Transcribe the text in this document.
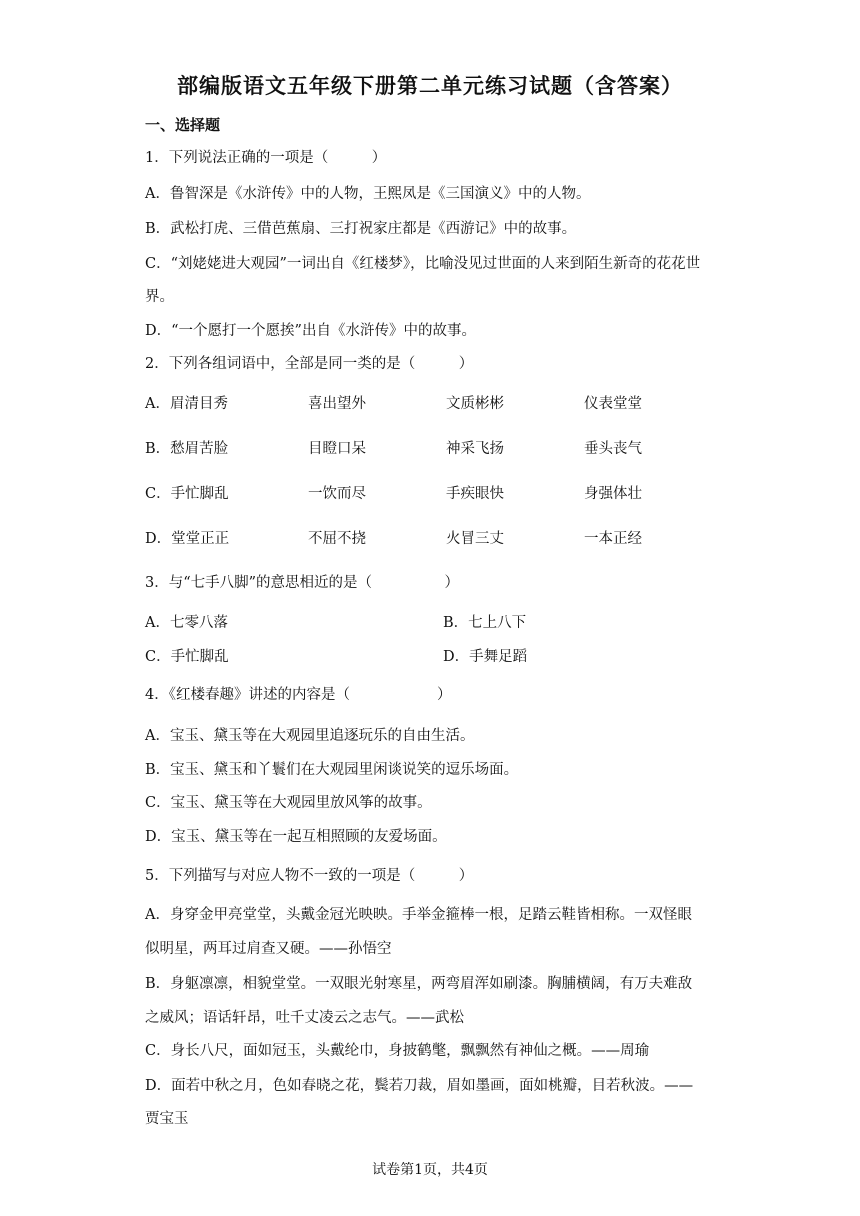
部编版语文五年级下册第二单元练习试题（含答案）
一、选择题
1．下列说法正确的一项是（　　　）
A．鲁智深是《水浒传》中的人物，王熙凤是《三国演义》中的人物。
B．武松打虎、三借芭蕉扇、三打祝家庄都是《西游记》中的故事。
C．“刘姥姥进大观园”一词出自《红楼梦》，比喻没见过世面的人来到陌生新奇的花花世
界。
D．“一个愿打一个愿挨”出自《水浒传》中的故事。
2．下列各组词语中，全部是同一类的是（　　　）
A．眉清目秀	喜出望外	文质彬彬	仪表堂堂
B．愁眉苦脸	目瞪口呆	神采飞扬	垂头丧气
C．手忙脚乱	一饮而尽	手疾眼快	身强体壮
D．堂堂正正	不屈不挠	火冒三丈	一本正经
3．与“七手八脚”的意思相近的是（　　　　　）
A．七零八落	B．七上八下
C．手忙脚乱	D．手舞足蹈
4．《红楼春趣》讲述的内容是（　　　　　　）
A．宝玉、黛玉等在大观园里追逐玩乐的自由生活。
B．宝玉、黛玉和丫鬟们在大观园里闲谈说笑的逗乐场面。
C．宝玉、黛玉等在大观园里放风筝的故事。
D．宝玉、黛玉等在一起互相照顾的友爱场面。
5．下列描写与对应人物不一致的一项是（　　　）
A．身穿金甲亮堂堂，头戴金冠光映映。手举金箍棒一根，足踏云鞋皆相称。一双怪眼
似明星，两耳过肩查又硬。——孙悟空
B．身躯凛凛，相貌堂堂。一双眼光射寒星，两弯眉浑如刷漆。胸脯横阔，有万夫难敌
之威风；语话轩昂，吐千丈凌云之志气。——武松
C．身长八尺，面如冠玉，头戴纶巾，身披鹤氅，飘飘然有神仙之概。——周瑜
D．面若中秋之月，色如春晓之花，鬓若刀裁，眉如墨画，面如桃瓣，目若秋波。——
贾宝玉
试卷第1页，共4页
